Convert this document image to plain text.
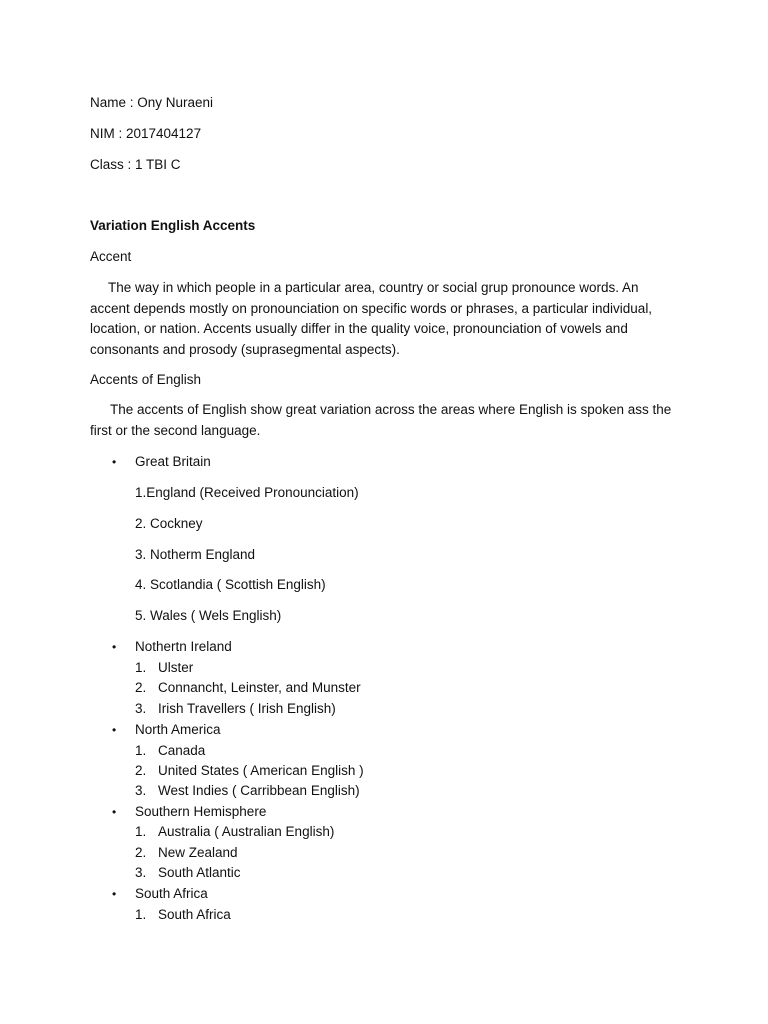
Name : Ony Nuraeni
NIM : 2017404127
Class : 1 TBI C
Variation English Accents
Accent
The way in which people in a particular area, country or social grup pronounce words. An accent depends mostly on pronounciation on specific words or phrases, a particular individual, location, or nation. Accents usually differ in the quality voice, pronounciation of vowels and consonants and prosody (suprasegmental aspects).
Accents of English
The accents of English show great variation across the areas where English is spoken ass the first or the second language.
• Great Britain
1.England (Received Pronounciation)
2. Cockney
3. Notherm England
4. Scotlandia ( Scottish English)
5. Wales ( Wels English)
• Nothertn Ireland
1. Ulster
2. Connancht, Leinster, and Munster
3. Irish Travellers ( Irish English)
• North America
1. Canada
2. United States ( American English )
3. West Indies ( Carribbean English)
• Southern Hemisphere
1. Australia ( Australian English)
2. New Zealand
3. South Atlantic
• South Africa
1. South Africa
